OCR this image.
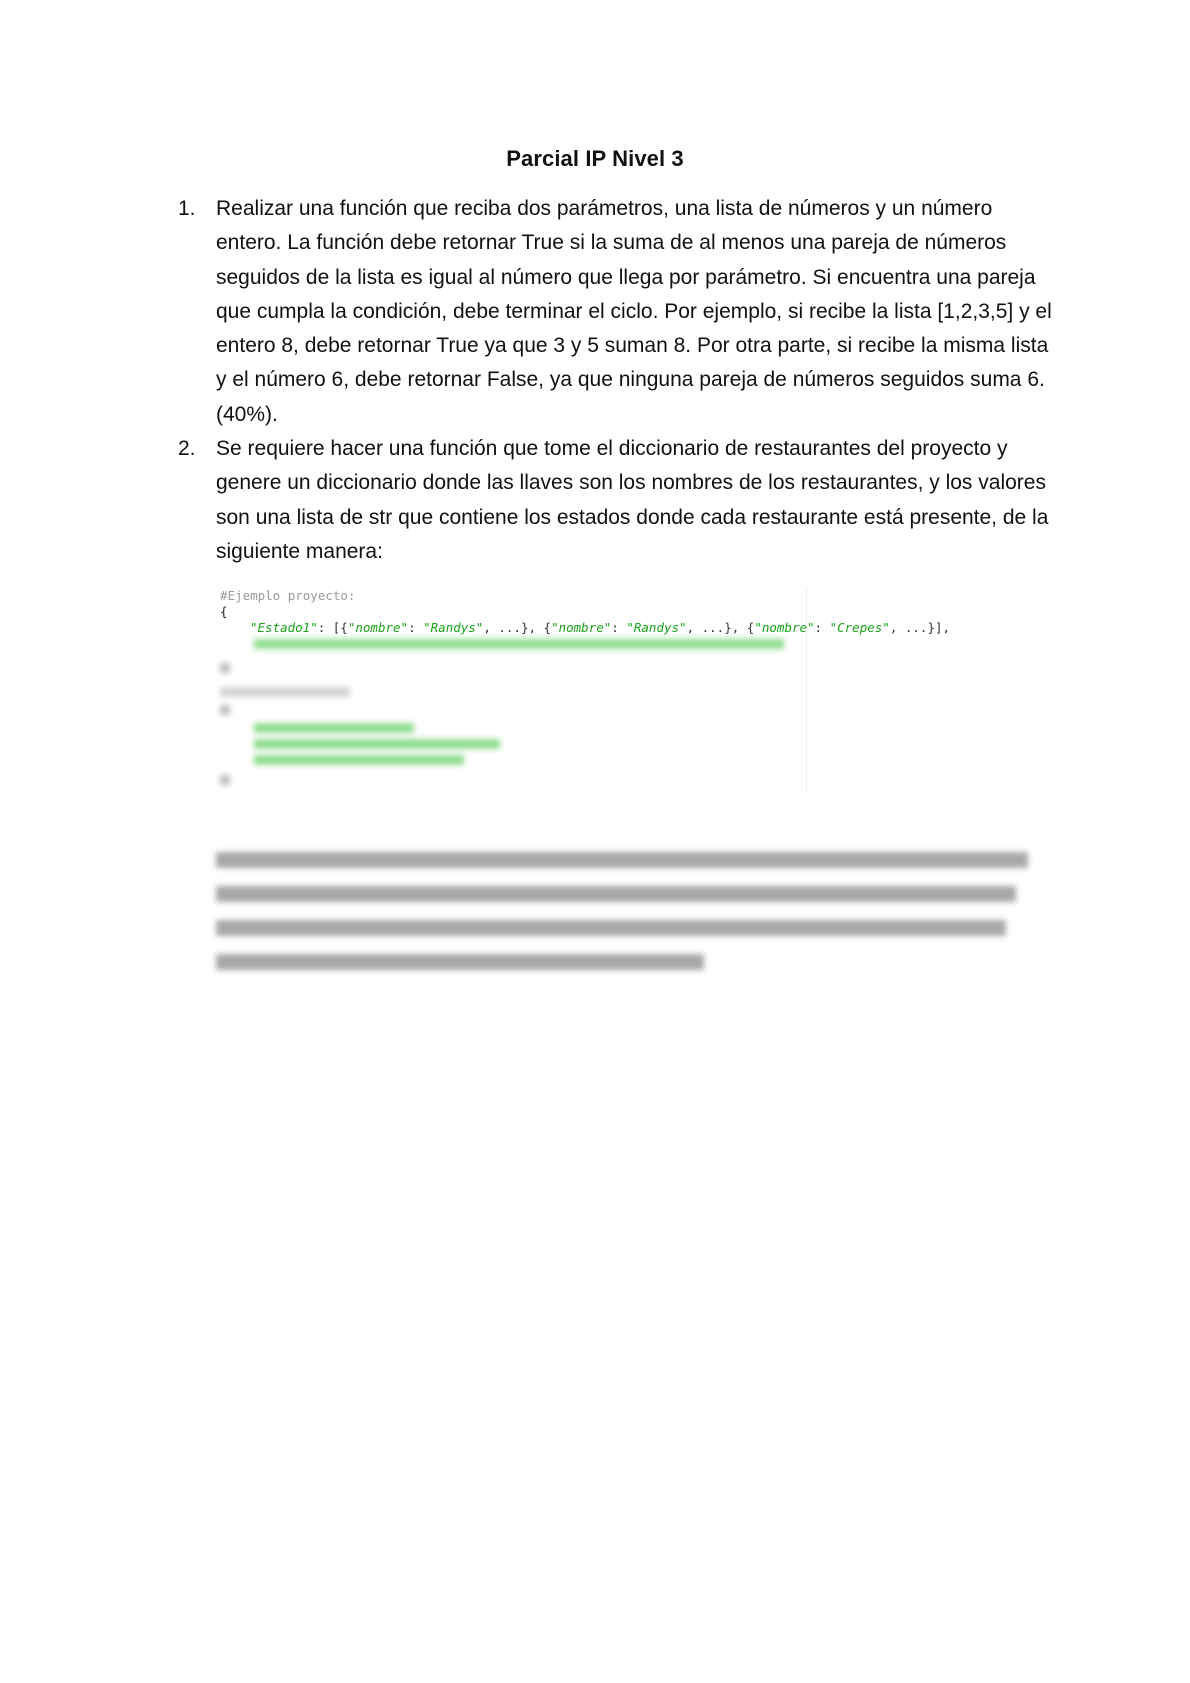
Parcial IP Nivel 3
1. Realizar una función que reciba dos parámetros, una lista de números y un número entero. La función debe retornar True si la suma de al menos una pareja de números seguidos de la lista es igual al número que llega por parámetro. Si encuentra una pareja que cumpla la condición, debe terminar el ciclo. Por ejemplo, si recibe la lista [1,2,3,5] y el entero 8, debe retornar True ya que 3 y 5 suman 8. Por otra parte, si recibe la misma lista y el número 6, debe retornar False, ya que ninguna pareja de números seguidos suma 6. (40%).
2. Se requiere hacer una función que tome el diccionario de restaurantes del proyecto y genere un diccionario donde las llaves son los nombres de los restaurantes, y los valores son una lista de str que contiene los estados donde cada restaurante está presente, de la siguiente manera:
#Ejemplo proyecto:
{
"Estado1": [{"nombre": "Randys", ...}, {"nombre": "Randys", ...}, {"nombre": "Crepes", ...}],
